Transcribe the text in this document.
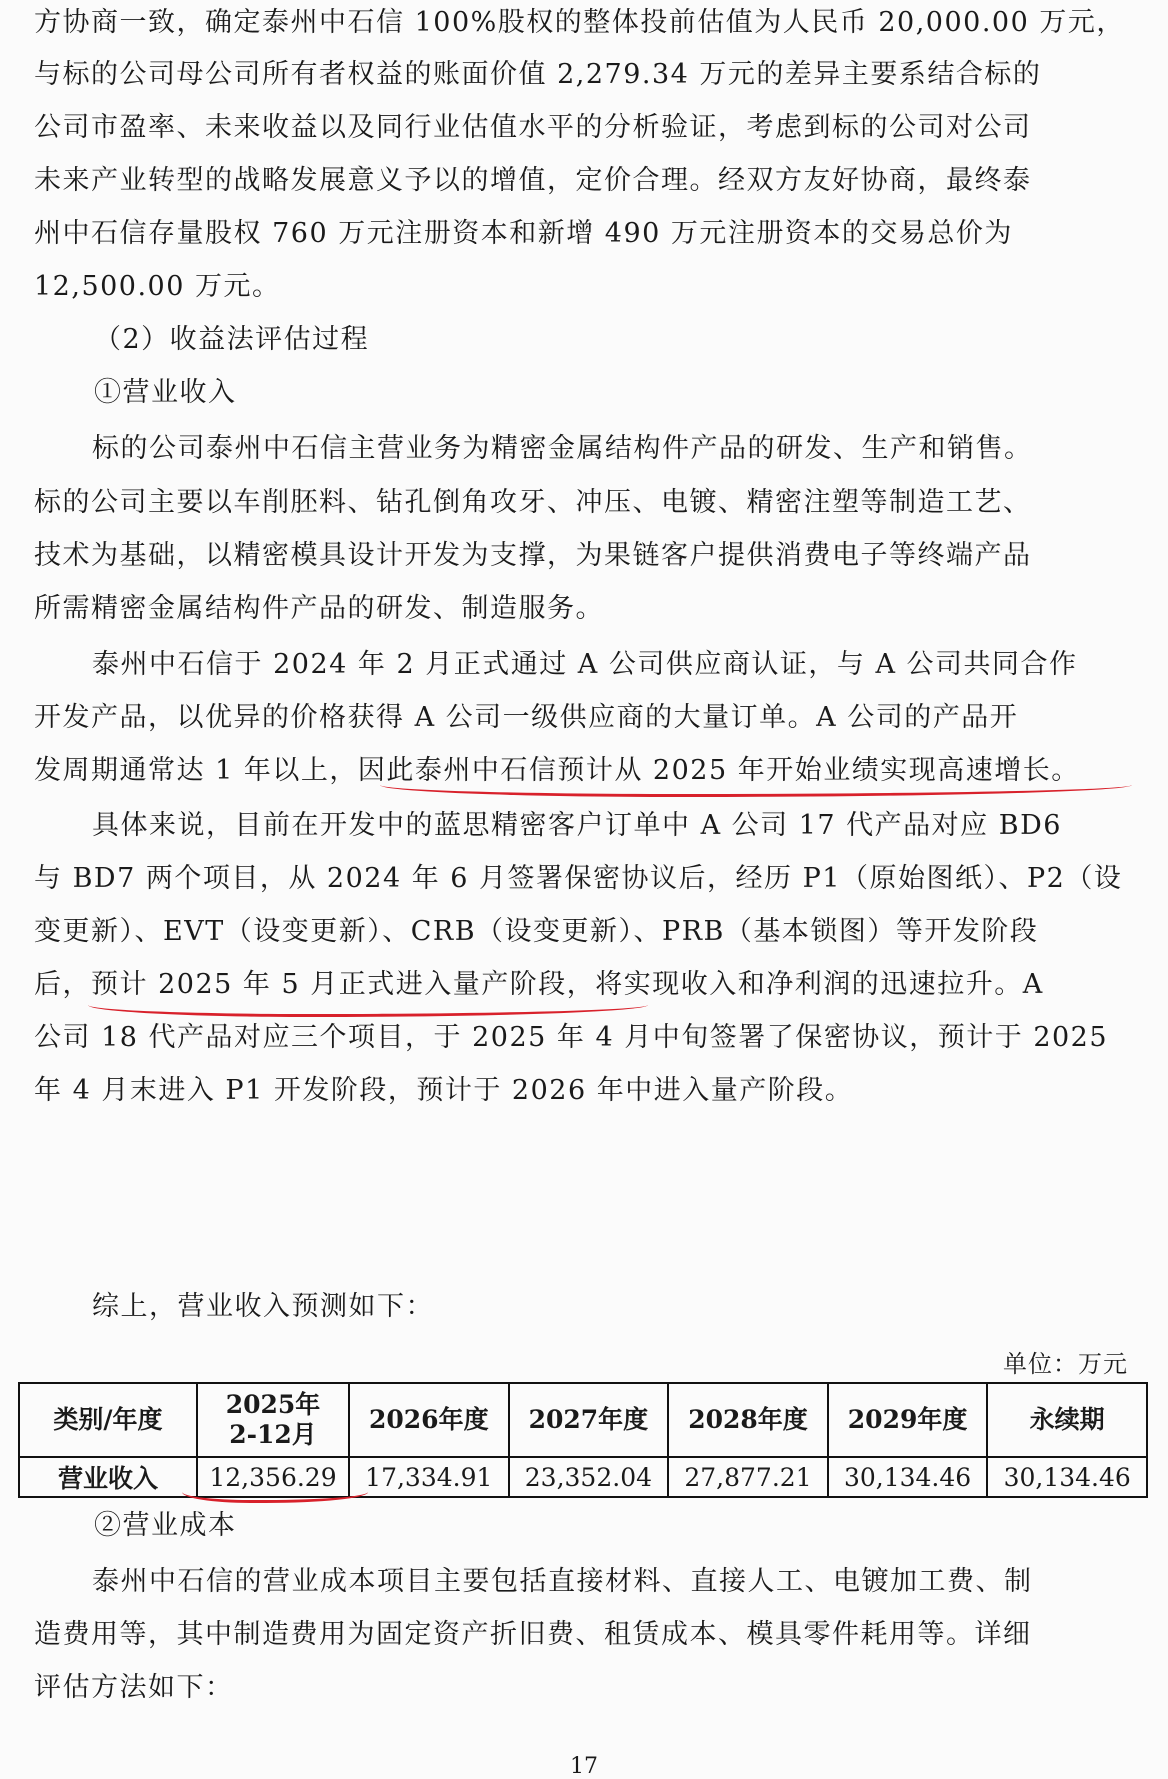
方协商一致，确定泰州中石信 100%股权的整体投前估值为人民币 20,000.00 万元，
与标的公司母公司所有者权益的账面价值 2,279.34 万元的差异主要系结合标的
公司市盈率、未来收益以及同行业估值水平的分析验证，考虑到标的公司对公司
未来产业转型的战略发展意义予以的增值，定价合理。经双方友好协商，最终泰
州中石信存量股权 760 万元注册资本和新增 490 万元注册资本的交易总价为
12,500.00 万元。
（2）收益法评估过程
①营业收入
标的公司泰州中石信主营业务为精密金属结构件产品的研发、生产和销售。
标的公司主要以车削胚料、钻孔倒角攻牙、冲压、电镀、精密注塑等制造工艺、
技术为基础，以精密模具设计开发为支撑，为果链客户提供消费电子等终端产品
所需精密金属结构件产品的研发、制造服务。
泰州中石信于 2024 年 2 月正式通过 A 公司供应商认证，与 A 公司共同合作
开发产品，以优异的价格获得 A 公司一级供应商的大量订单。A 公司的产品开
发周期通常达 1 年以上，因此泰州中石信预计从 2025 年开始业绩实现高速增长。
具体来说，目前在开发中的蓝思精密客户订单中 A 公司 17 代产品对应 BD6
与 BD7 两个项目，从 2024 年 6 月签署保密协议后，经历 P1（原始图纸）、P2（设
变更新）、EVT（设变更新）、CRB（设变更新）、PRB（基本锁图）等开发阶段
后，预计 2025 年 5 月正式进入量产阶段，将实现收入和净利润的迅速拉升。A
公司 18 代产品对应三个项目，于 2025 年 4 月中旬签署了保密协议，预计于 2025
年 4 月末进入 P1 开发阶段，预计于 2026 年中进入量产阶段。
综上，营业收入预测如下：
单位：万元
类别/年度	2025年
2-12月	2026年度	2027年度	2028年度	2029年度	永续期
营业收入	12,356.29	17,334.91	23,352.04	27,877.21	30,134.46	30,134.46
②营业成本
泰州中石信的营业成本项目主要包括直接材料、直接人工、电镀加工费、制
造费用等，其中制造费用为固定资产折旧费、租赁成本、模具零件耗用等。详细
评估方法如下：
17
